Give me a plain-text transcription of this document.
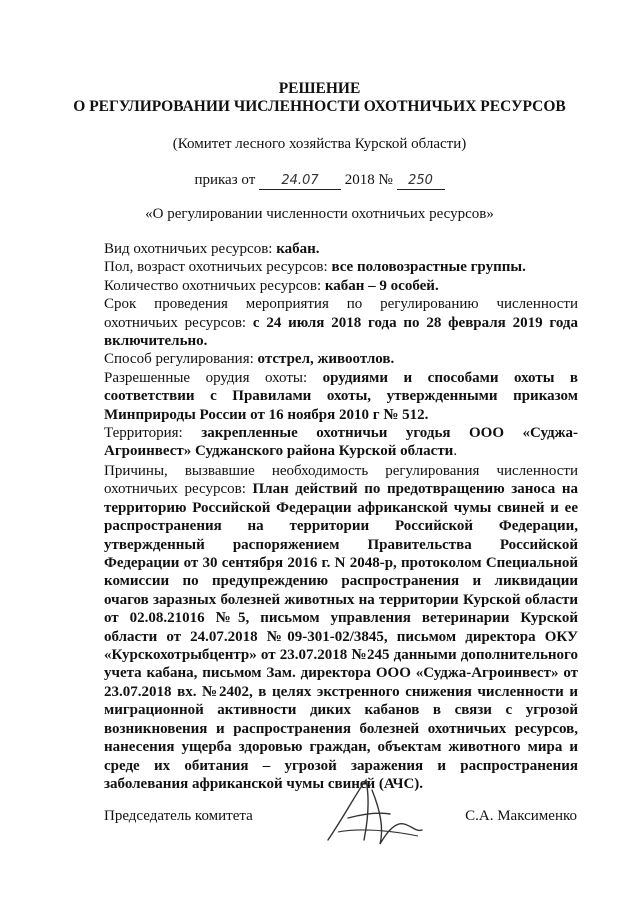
РЕШЕНИЕ
О РЕГУЛИРОВАНИИ ЧИСЛЕННОСТИ ОХОТНИЧЬИХ РЕСУРСОВ
(Комитет лесного хозяйства Курской области)
приказ от 24.07 2018 № 250
«О регулировании численности охотничьих ресурсов»

Вид охотничьих ресурсов: кабан.

Пол, возраст охотничьих ресурсов: все половозрастные группы.

Количество охотничьих ресурсов: кабан – 9 особей.

Срок проведения мероприятия по регулированию численности охотничьих ресурсов: с 24 июля 2018 года по 28 февраля 2019 года включительно.

Способ регулирования: отстрел, живоотлов.

Разрешенные орудия охоты: орудиями и способами охоты в соответствии с Правилами охоты, утвержденными приказом Минприроды России от 16 ноября 2010 г № 512.

Территория: закрепленные охотничьи угодья ООО «Суджа-Агроинвест» Суджанского района Курской области.

Причины, вызвавшие необходимость регулирования численности охотничьих ресурсов: План действий по предотвращению заноса на территорию Российской Федерации африканской чумы свиней и ее распространения на территории Российской Федерации, утвержденный распоряжением Правительства Российской Федерации от 30 сентября 2016 г. N 2048-р, протоколом Специальной комиссии по предупреждению распространения и ликвидации очагов заразных болезней животных на территории Курской области от 02.08.21016 №5, письмом управления ветеринарии Курской области от 24.07.2018 №09-301-02/3845, письмом директора ОКУ «Курскохотрыбцентр» от 23.07.2018 №245 данными дополнительного учета кабана, письмом Зам. директора ООО «Суджа-Агроинвест» от 23.07.2018 вх. №2402, в целях экстренного снижения численности и миграционной активности диких кабанов в связи с угрозой возникновения и распространения болезней охотничьих ресурсов, нанесения ущерба здоровью граждан, объектам животного мира и среде их обитания – угрозой заражения и распространения заболевания африканской чумы свиней (АЧС).

Председатель комитета	С.А. Максименко
